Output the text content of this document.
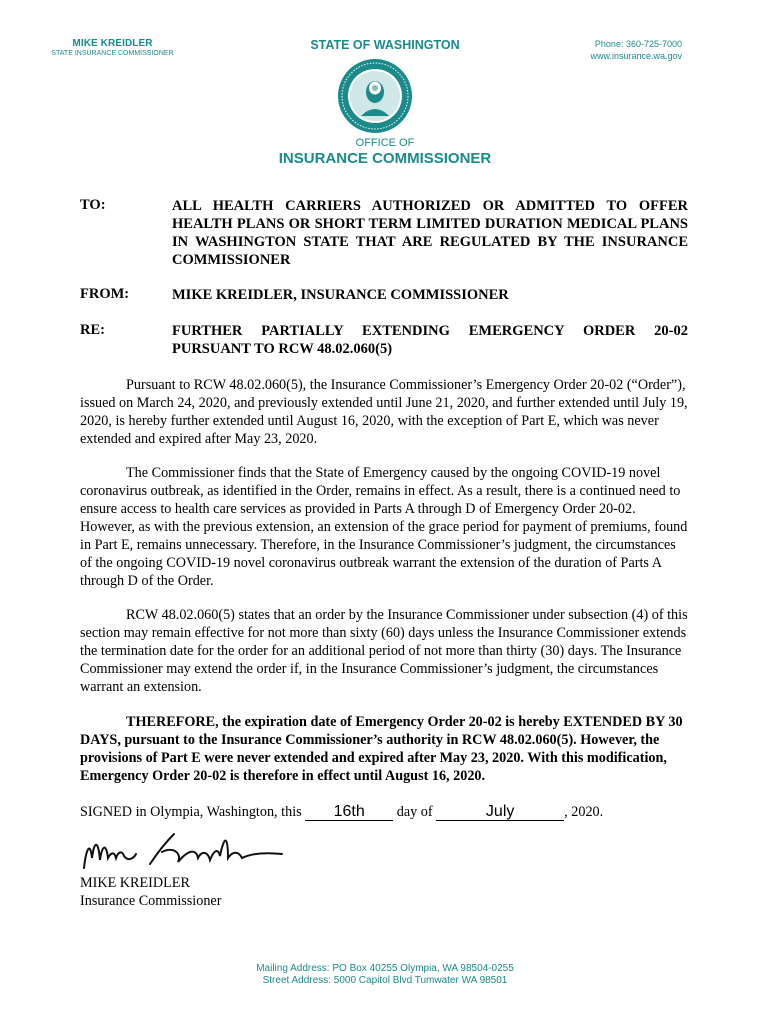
MIKE KREIDLER
STATE INSURANCE COMMISSIONER
STATE OF WASHINGTON	Phone: 360-725-7000
www.insurance.wa.gov
OFFICE OF
INSURANCE COMMISSIONER
TO:	ALL HEALTH CARRIERS AUTHORIZED OR ADMITTED TO OFFER HEALTH PLANS OR SHORT TERM LIMITED DURATION MEDICAL PLANS IN WASHINGTON STATE THAT ARE REGULATED BY THE INSURANCE COMMISSIONER
FROM:	MIKE KREIDLER, INSURANCE COMMISSIONER
RE:	FURTHER PARTIALLY EXTENDING EMERGENCY ORDER 20-02 PURSUANT TO RCW 48.02.060(5)
Pursuant to RCW 48.02.060(5), the Insurance Commissioner’s Emergency Order 20-02 (“Order”), issued on March 24, 2020, and previously extended until June 21, 2020, and further extended until July 19, 2020, is hereby further extended until August 16, 2020, with the exception of Part E, which was never extended and expired after May 23, 2020.
The Commissioner finds that the State of Emergency caused by the ongoing COVID-19 novel coronavirus outbreak, as identified in the Order, remains in effect. As a result, there is a continued need to ensure access to health care services as provided in Parts A through D of Emergency Order 20-02. However, as with the previous extension, an extension of the grace period for payment of premiums, found in Part E, remains unnecessary. Therefore, in the Insurance Commissioner’s judgment, the circumstances of the ongoing COVID-19 novel coronavirus outbreak warrant the extension of the duration of Parts A through D of the Order.
RCW 48.02.060(5) states that an order by the Insurance Commissioner under subsection (4) of this section may remain effective for not more than sixty (60) days unless the Insurance Commissioner extends the termination date for the order for an additional period of not more than thirty (30) days. The Insurance Commissioner may extend the order if, in the Insurance Commissioner’s judgment, the circumstances warrant an extension.
THEREFORE, the expiration date of Emergency Order 20-02 is hereby EXTENDED BY 30 DAYS, pursuant to the Insurance Commissioner’s authority in RCW 48.02.060(5). However, the provisions of Part E were never extended and expired after May 23, 2020. With this modification, Emergency Order 20-02 is therefore in effect until August 16, 2020.
SIGNED in Olympia, Washington, this 16th day of	July	, 2020.
MIKE KREIDLER
Insurance Commissioner
Mailing Address: PO Box 40255 Olympia, WA 98504-0255
Street Address: 5000 Capitol Blvd Tumwater WA 98501
